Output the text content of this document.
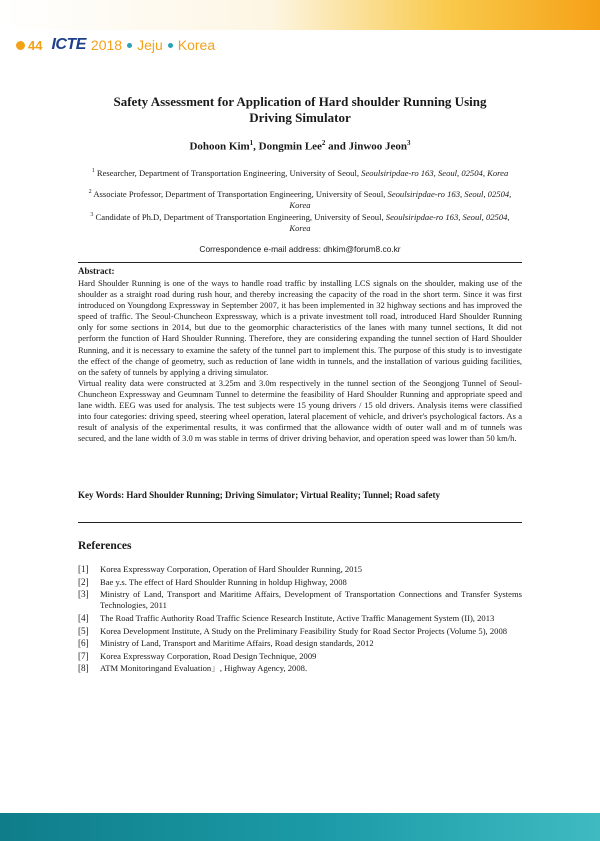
44 ICTE 2018 Jeju Korea
Safety Assessment for Application of Hard shoulder Running Using
Driving Simulator
Dohoon Kim$^1$, Dongmin Lee$^2$ and Jinwoo Jeon$^3$
$^1$ Researcher, Department of Transportation Engineering, University of Seoul, Seoulsiripdae-ro 163, Seoul, 02504, Korea
$^2$ Associate Professor, Department of Transportation Engineering, University of Seoul, Seoulsiripdae-ro 163, Seoul, 02504, Korea
$^3$ Candidate of Ph.D, Department of Transportation Engineering, University of Seoul, Seoulsiripdae-ro 163, Seoul, 02504, Korea
Correspondence e-mail address: dhkim@forum8.co.kr
Abstract:

Hard Shoulder Running is one of the ways to handle road traffic by installing LCS signals on the shoulder, making use of the shoulder as a straight road during rush hour, and thereby increasing the capacity of the road in the short term. Since it was first introduced on Youngdong Expressway in September 2007, it has been implemented in 32 highway sections and has improved the speed of traffic. The Seoul-Chuncheon Expressway, which is a private investment toll road, introduced Hard Shoulder Running only for some sections in 2014, but due to the geomorphic characteristics of the lanes with many tunnel sections, It did not perform the function of Hard Shoulder Running. Therefore, they are considering expanding the tunnel section of Hard Shoulder Running, and it is necessary to examine the safety of the tunnel part to implement this. The purpose of this study is to investigate the effect of the change of geometry, such as reduction of lane width in tunnels, and the installation of various guiding facilities, on the safety of tunnels by applying a driving simulator.

Virtual reality data were constructed at 3.25m and 3.0m respectively in the tunnel section of the Seongjong Tunnel of Seoul-Chuncheon Expressway and Geumnam Tunnel to determine the feasibility of Hard Shoulder Running and appropriate speed and lane width. EEG was used for analysis. The test subjects were 15 young drivers / 15 old drivers. Analysis items were classified into four categories: driving speed, steering wheel operation, lateral placement of vehicle, and driver's psychological factors. As a result of analysis of the experimental results, it was confirmed that the allowance width of outer wall and m of tunnels was secured, and the lane width of 3.0 m was stable in terms of driver driving behavior, and operation speed was lower than 50 km/h.

Key Words: Hard Shoulder Running; Driving Simulator; Virtual Reality; Tunnel; Road safety
References
[1]	Korea Expressway Corporation, Operation of Hard Shoulder Running, 2015
[2]	Bae y.s. The effect of Hard Shoulder Running in holdup Highway, 2008
[3]	Ministry of Land, Transport and Maritime Affairs, Development of Transportation Connections and Transfer Systems Technologies, 2011
[4]	The Road Traffic Authority Road Traffic Science Research Institute, Active Traffic Management System (II), 2013
[5]	Korea Development Institute, A Study on the Preliminary Feasibility Study for Road Sector Projects (Volume 5), 2008
[6]	Ministry of Land, Transport and Maritime Affairs, Road design standards, 2012
[7]	Korea Expressway Corporation, Road Design Technique, 2009
[8]	ATM Monitoringand Evaluation」, Highway Agency, 2008.
